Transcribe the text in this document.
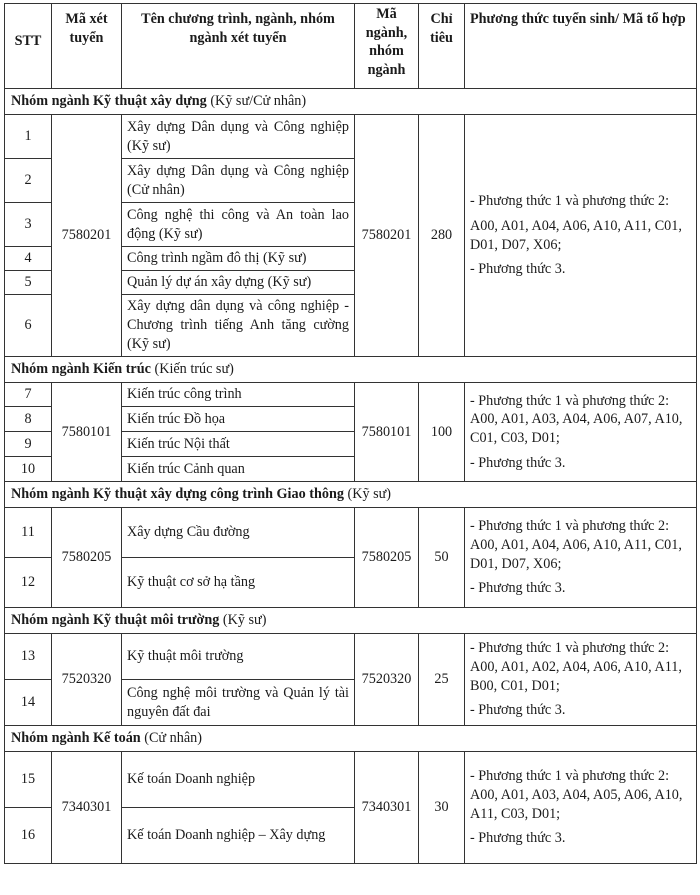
STT	Mã xét tuyển	Tên chương trình, ngành, nhóm ngành xét tuyển	Mã ngành, nhóm ngành	Chỉ tiêu	Phương thức tuyển sinh/ Mã tổ hợp
Nhóm ngành Kỹ thuật xây dựng (Kỹ sư/Cử nhân)					
1	7580201	Xây dựng Dân dụng và Công nghiệp (Kỹ sư)	7580201	280	- Phương thức 1 và phương thức 2:
A00, A01, A04, A06, A10, A11, C01, D01, D07, X06;
- Phương thức 3.

2		Xây dựng Dân dụng và Công nghiệp (Cử nhân)			
3		Công nghệ thi công và An toàn lao động (Kỹ sư)			
4		Công trình ngầm đô thị (Kỹ sư)			
5		Quản lý dự án xây dựng (Kỹ sư)			
6		Xây dựng dân dụng và công nghiệp - Chương trình tiếng Anh tăng cường (Kỹ sư)			
Nhóm ngành Kiến trúc (Kiến trúc sư)					
7	7580101	Kiến trúc công trình	7580101	100	- Phương thức 1 và phương thức 2:
A00, A01, A03, A04, A06, A07, A10, C01, C03, D01;
- Phương thức 3.

8		Kiến trúc Đồ họa			
9		Kiến trúc Nội thất			
10		Kiến trúc Cảnh quan			
Nhóm ngành Kỹ thuật xây dựng công trình Giao thông (Kỹ sư)					
11	7580205	Xây dựng Cầu đường	7580205	50	- Phương thức 1 và phương thức 2:
A00, A01, A04, A06, A10, A11, C01, D01, D07, X06;
- Phương thức 3.

12		Kỹ thuật cơ sở hạ tầng			
Nhóm ngành Kỹ thuật môi trường (Kỹ sư)					
13	7520320	Kỹ thuật môi trường	7520320	25	- Phương thức 1 và phương thức 2:
A00, A01, A02, A04, A06, A10, A11, B00, C01, D01;
- Phương thức 3.

14		Công nghệ môi trường và Quản lý tài nguyên đất đai			
Nhóm ngành Kế toán (Cử nhân)					
15	7340301	Kế toán Doanh nghiệp	7340301	30	- Phương thức 1 và phương thức 2:
A00, A01, A03, A04, A05, A06, A10, A11, C03, D01;
- Phương thức 3.

16		Kế toán Doanh nghiệp – Xây dựng			
